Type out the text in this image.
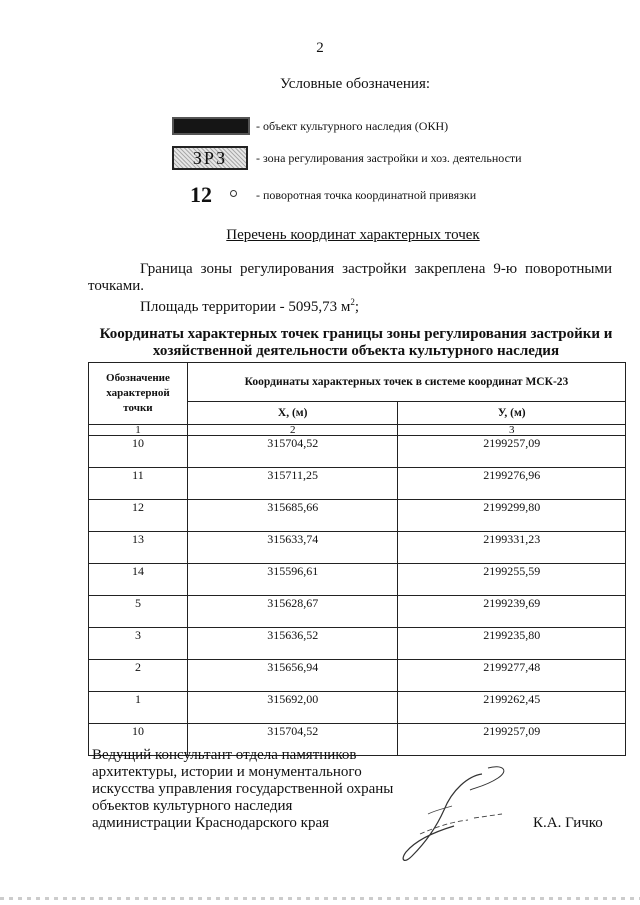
2
Условные обозначения:
- объект культурного наследия (ОКН)
ЗРЗ	- зона регулирования застройки и хоз. деятельности
12	- поворотная точка координатной привязки
Перечень координат характерных точек
Граница зоны регулирования застройки закреплена 9-ю поворотными точками.
Площадь территории - 5095,73 $м^2$;
Координаты характерных точек границы зоны регулирования застройки и хозяйственной деятельности объекта культурного наследия
Обозначение характерной точки	Координаты характерных точек в системе координат МСК-23	
	X, (м)	У, (м)
1	2	3
10	315704,52	2199257,09
11	315711,25	2199276,96
12	315685,66	2199299,80
13	315633,74	2199331,23
14	315596,61	2199255,59
5	315628,67	2199239,69
3	315636,52	2199235,80
2	315656,94	2199277,48
1	315692,00	2199262,45
10	315704,52	2199257,09
Ведущий консультант отдела памятников
архитектуры, истории и монументального
искусства управления государственной охраны
объектов культурного наследия
администрации Краснодарского края	К.А. Гичко
